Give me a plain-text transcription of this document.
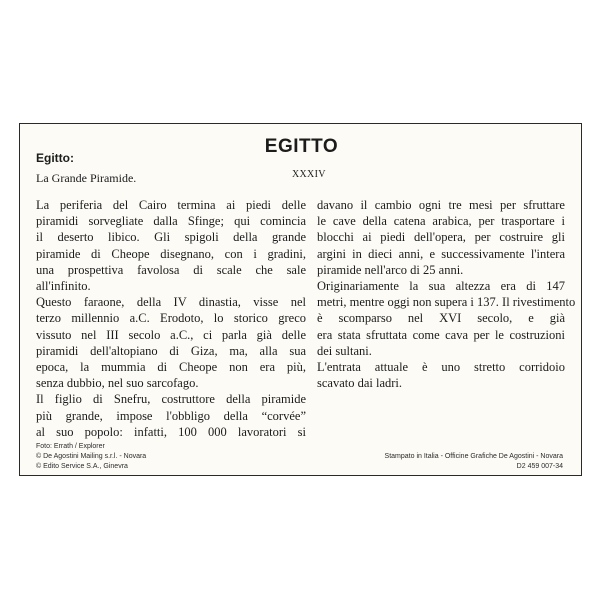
EGITTO
Egitto:
La Grande Piramide.	XXXIV
La periferia del Cairo termina ai piedi delle
piramidi sorvegliate dalla Sfinge; qui comincia
il deserto libico. Gli spigoli della grande
piramide di Cheope disegnano, con i gradini,
una prospettiva favolosa di scale che sale
all'infinito.
Questo faraone, della IV dinastia, visse nel
terzo millennio a.C. Erodoto, lo storico greco
vissuto nel III secolo a.C., ci parla già delle
piramidi dell'altopiano di Giza, ma, alla sua
epoca, la mummia di Cheope non era più,
senza dubbio, nel suo sarcofago.
Il figlio di Snefru, costruttore della piramide
più grande, impose l'obbligo della “corvée”
al suo popolo: infatti, 100 000 lavoratori si
davano il cambio ogni tre mesi per sfruttare
le cave della catena arabica, per trasportare i
blocchi ai piedi dell'opera, per costruire gli
argini in dieci anni, e successivamente l'intera
piramide nell'arco di 25 anni.
Originariamente la sua altezza era di 147
metri, mentre oggi non supera i 137. Il rivestimento
è scomparso nel XVI secolo, e già
era stata sfruttata come cava per le costruzioni
dei sultani.
L'entrata attuale è uno stretto corridoio
scavato dai ladri.
Foto: Errath / Explorer
© De Agostini Mailing s.r.l. - Novara
© Edito Service S.A., Ginevra
Stampato in Italia - Officine Grafiche De Agostini - Novara
D2 459 007-34
